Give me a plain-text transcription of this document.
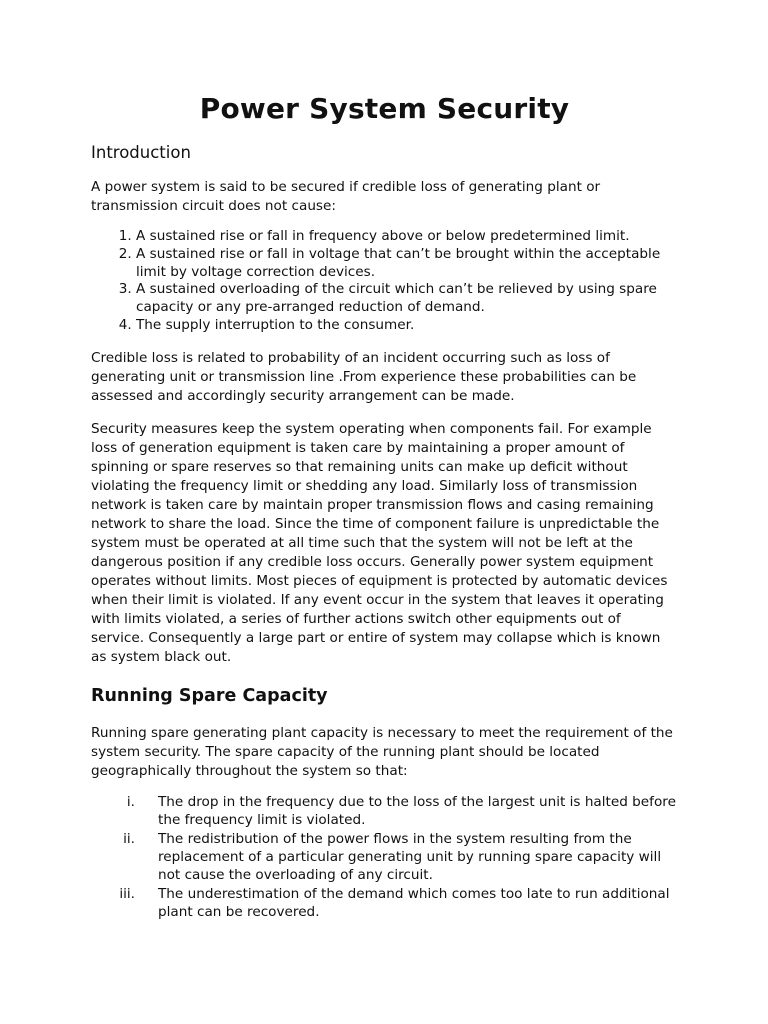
Power System Security
Introduction

A power system is said to be secured if credible loss of generating plant or transmission circuit does not cause:

1. A sustained rise or fall in frequency above or below predetermined limit.
2. A sustained rise or fall in voltage that can’t be brought within the acceptable limit by voltage correction devices.
3. A sustained overloading of the circuit which can’t be relieved by using spare capacity or any pre-arranged reduction of demand.
4. The supply interruption to the consumer.

Credible loss is related to probability of an incident occurring such as loss of generating unit or transmission line .From experience these probabilities can be assessed and accordingly security arrangement can be made.

Security measures keep the system operating when components fail. For example loss of generation equipment is taken care by maintaining a proper amount of spinning or spare reserves so that remaining units can make up deficit without violating the frequency limit or shedding any load. Similarly loss of transmission network is taken care by maintain proper transmission flows and casing remaining network to share the load. Since the time of component failure is unpredictable the system must be operated at all time such that the system will not be left at the dangerous position if any credible loss occurs. Generally power system equipment operates without limits. Most pieces of equipment is protected by automatic devices when their limit is violated. If any event occur in the system that leaves it operating with limits violated, a series of further actions switch other equipments out of service. Consequently a large part or entire of system may collapse which is known as system black out.

Running Spare Capacity

Running spare generating plant capacity is necessary to meet the requirement of the system security. The spare capacity of the running plant should be located geographically throughout the system so that:

i. The drop in the frequency due to the loss of the largest unit is halted before the frequency limit is violated.
ii. The redistribution of the power flows in the system resulting from the replacement of a particular generating unit by running spare capacity will not cause the overloading of any circuit.
iii. The underestimation of the demand which comes too late to run additional plant can be recovered.
